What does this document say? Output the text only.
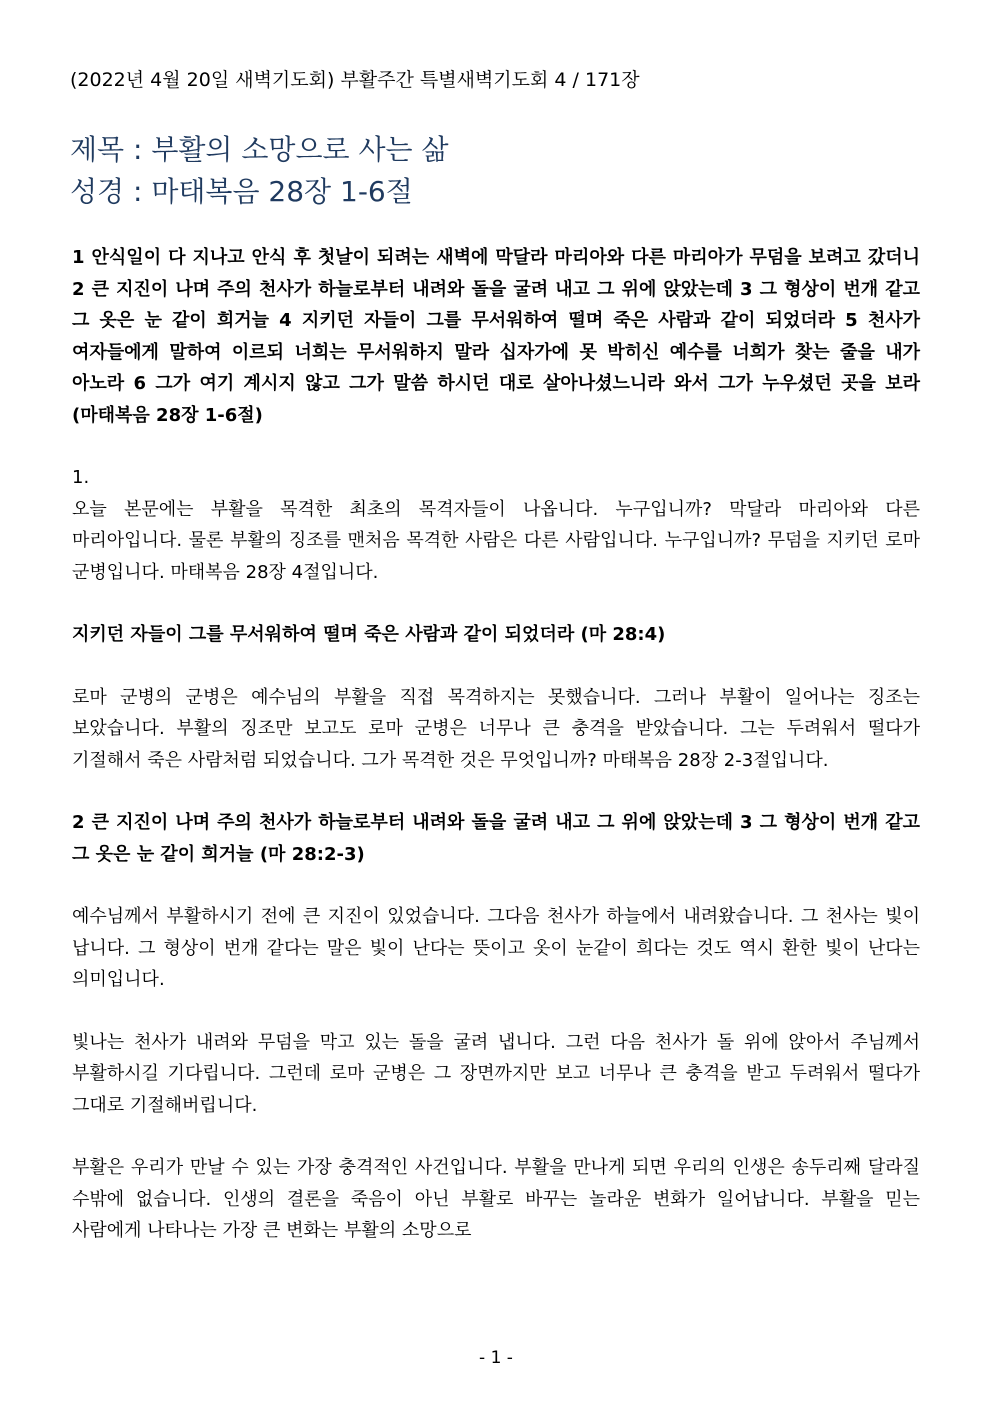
(2022년 4월 20일 새벽기도회) 부활주간 특별새벽기도회 4 / 171장
제목 : 부활의 소망으로 사는 삶
성경 : 마태복음 28장 1-6절

1 안식일이 다 지나고 안식 후 첫날이 되려는 새벽에 막달라 마리아와 다른 마리아가 무덤을 보려고 갔더니 2 큰 지진이 나며 주의 천사가 하늘로부터 내려와 돌을 굴려 내고 그 위에 앉았는데 3 그 형상이 번개 같고 그 옷은 눈 같이 희거늘 4 지키던 자들이 그를 무서워하여 떨며 죽은 사람과 같이 되었더라 5 천사가 여자들에게 말하여 이르되 너희는 무서워하지 말라 십자가에 못 박히신 예수를 너희가 찾는 줄을 내가 아노라 6 그가 여기 계시지 않고 그가 말씀 하시던 대로 살아나셨느니라 와서 그가 누우셨던 곳을 보라 (마태복음 28장 1-6절)

1.

오늘 본문에는 부활을 목격한 최초의 목격자들이 나옵니다. 누구입니까? 막달라 마리아와 다른 마리아입니다. 물론 부활의 징조를 맨처음 목격한 사람은 다른 사람입니다. 누구입니까? 무덤을 지키던 로마 군병입니다. 마태복음 28장 4절입니다.

지키던 자들이 그를 무서워하여 떨며 죽은 사람과 같이 되었더라 (마 28:4)

로마 군병의 군병은 예수님의 부활을 직접 목격하지는 못했습니다. 그러나 부활이 일어나는 징조는 보았습니다. 부활의 징조만 보고도 로마 군병은 너무나 큰 충격을 받았습니다. 그는 두려워서 떨다가 기절해서 죽은 사람처럼 되었습니다. 그가 목격한 것은 무엇입니까? 마태복음 28장 2-3절입니다.

2 큰 지진이 나며 주의 천사가 하늘로부터 내려와 돌을 굴려 내고 그 위에 앉았는데 3 그 형상이 번개 같고 그 옷은 눈 같이 희거늘 (마 28:2-3)

예수님께서 부활하시기 전에 큰 지진이 있었습니다. 그다음 천사가 하늘에서 내려왔습니다. 그 천사는 빛이 납니다. 그 형상이 번개 같다는 말은 빛이 난다는 뜻이고 옷이 눈같이 희다는 것도 역시 환한 빛이 난다는 의미입니다.

빛나는 천사가 내려와 무덤을 막고 있는 돌을 굴려 냅니다. 그런 다음 천사가 돌 위에 앉아서 주님께서 부활하시길 기다립니다. 그런데 로마 군병은 그 장면까지만 보고 너무나 큰 충격을 받고 두려워서 떨다가 그대로 기절해버립니다.

부활은 우리가 만날 수 있는 가장 충격적인 사건입니다. 부활을 만나게 되면 우리의 인생은 송두리째 달라질 수밖에 없습니다. 인생의 결론을 죽음이 아닌 부활로 바꾸는 놀라운 변화가 일어납니다. 부활을 믿는 사람에게 나타나는 가장 큰 변화는 부활의 소망으로

- 1 -
